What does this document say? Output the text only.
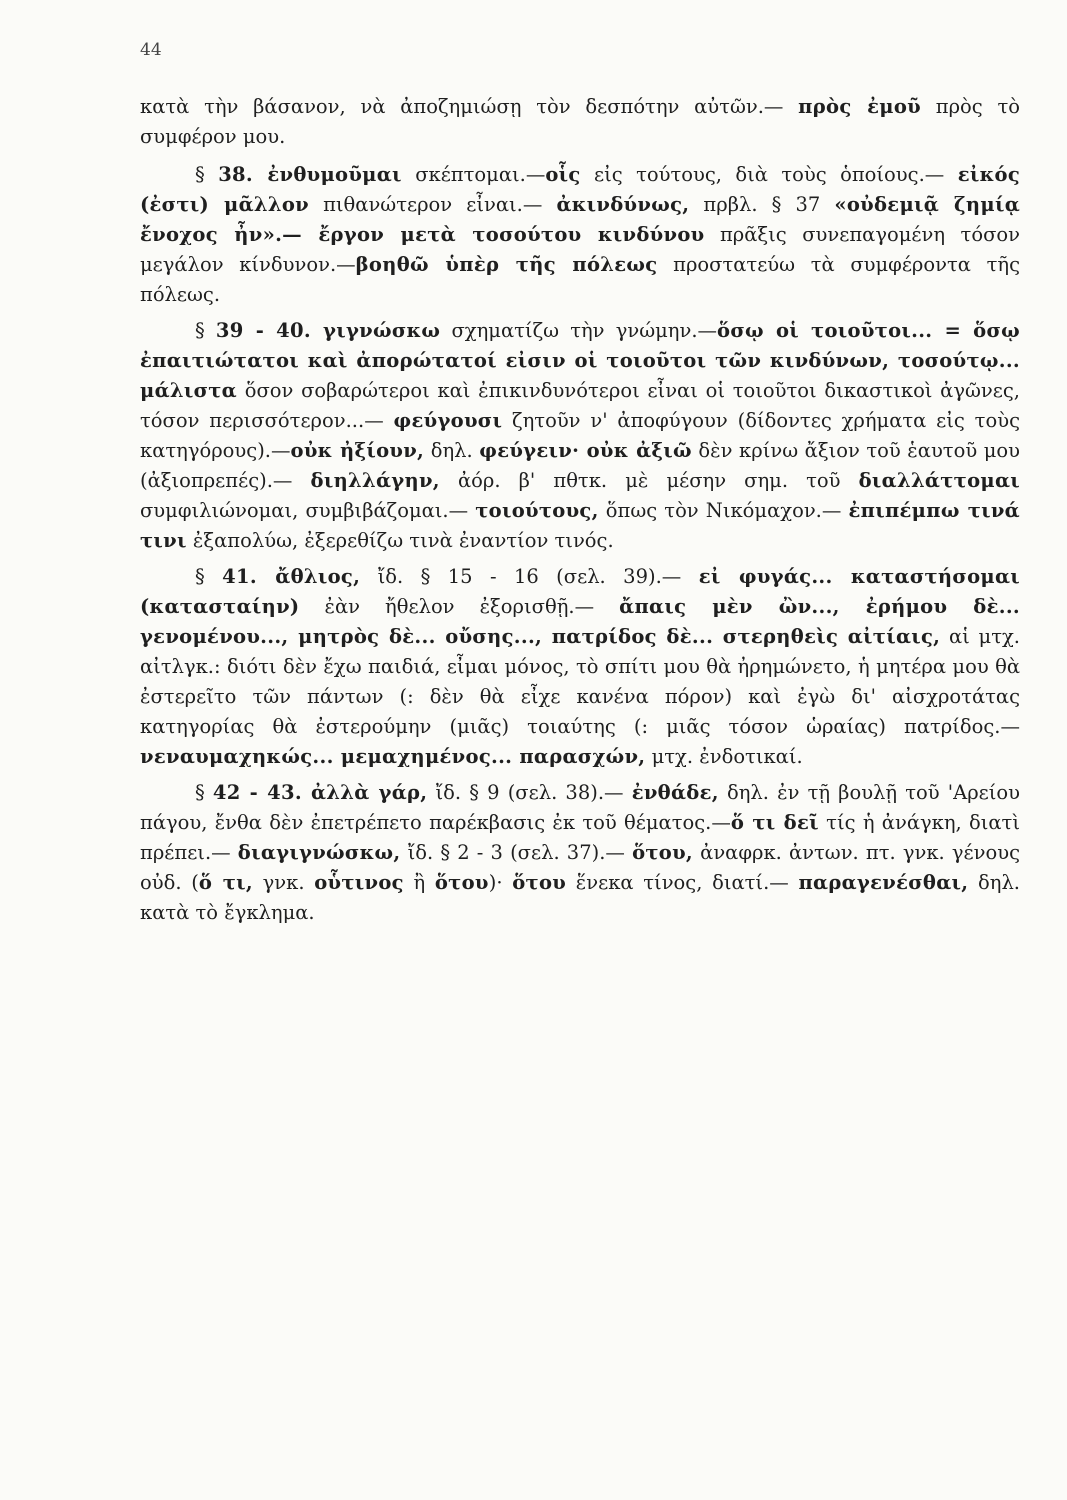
44

κατὰ τὴν βάσανον, νὰ ἀποζημιώσῃ τὸν δεσπότην αὐτῶν.— πρὸς ἐμοῦ πρὸς τὸ συμφέρον μου.

§ 38. ἐνθυμοῦμαι σκέπτομαι.—οἷς εἰς τούτους, διὰ τοὺς ὁποίους.— εἰκός (ἐστι) μᾶλλον πιθανώτερον εἶναι.— ἀκινδύνως, πρβλ. § 37 «οὐδεμιᾷ ζημίᾳ ἔνοχος ἦν».— ἔργον μετὰ τοσούτου κινδύνου πρᾶξις συνεπαγομένη τόσον μεγάλον κίνδυνον.—βοηθῶ ὑπὲρ τῆς πόλεως προστατεύω τὰ συμφέροντα τῆς πόλεως.

§ 39 - 40. γιγνώσκω σχηματίζω τὴν γνώμην.—ὅσῳ οἱ τοιοῦτοι... = ὅσῳ ἐπαιτιώτατοι καὶ ἀπορώτατοί εἰσιν οἱ τοιοῦτοι τῶν κινδύνων, τοσούτῳ... μάλιστα ὅσον σοβαρώτεροι καὶ ἐπικινδυνότεροι εἶναι οἱ τοιοῦτοι δικαστικοὶ ἀγῶνες, τόσον περισσότερον...— φεύγουσι ζητοῦν ν' ἀποφύγουν (δίδοντες χρήματα εἰς τοὺς κατηγόρους).—οὐκ ἠξίουν, δηλ. φεύγειν· οὐκ ἀξιῶ δὲν κρίνω ἄξιον τοῦ ἑαυτοῦ μου (ἀξιοπρεπές).— διηλλάγην, ἀόρ. β' πθτκ. μὲ μέσην σημ. τοῦ διαλλάττομαι συμφιλιώνομαι, συμβιβάζομαι.— τοιούτους, ὅπως τὸν Νικόμαχον.— ἐπιπέμπω τινά τινι ἐξαπολύω, ἐξερεθίζω τινὰ ἐναντίον τινός.

§ 41. ἄθλιος, ἴδ. § 15 - 16 (σελ. 39).— εἰ φυγάς... καταστήσομαι (κατασταίην) ἐὰν ἤθελον ἐξορισθῇ.— ἄπαις μὲν ὢν..., ἐρήμου δὲ... γενομένου..., μητρὸς δὲ... οὔσης..., πατρίδος δὲ... στερηθεὶς αἰτίαις, αἱ μτχ. αἰτλγκ.: διότι δὲν ἔχω παιδιά, εἶμαι μόνος, τὸ σπίτι μου θὰ ἠρημώνετο, ἡ μητέρα μου θὰ ἐστερεῖτο τῶν πάντων (: δὲν θὰ εἶχε κανένα πόρον) καὶ ἐγὼ δι' αἰσχροτάτας κατηγορίας θὰ ἐστερούμην (μιᾶς) τοιαύτης (: μιᾶς τόσον ὡραίας) πατρίδος.— νεναυμαχηκώς... μεμαχημένος... παρασχών, μτχ. ἐνδοτικαί.

§ 42 - 43. ἀλλὰ γάρ, ἴδ. § 9 (σελ. 38).— ἐνθάδε, δηλ. ἐν τῇ βουλῇ τοῦ 'Αρείου πάγου, ἔνθα δὲν ἐπετρέπετο παρέκβασις ἐκ τοῦ θέματος.—ὅ τι δεῖ τίς ἡ ἀνάγκη, διατὶ πρέπει.— διαγιγνώσκω, ἴδ. § 2 - 3 (σελ. 37).— ὅτου, ἀναφρκ. ἀντων. πτ. γνκ. γένους οὐδ. (ὅ τι, γνκ. οὗτινος ἢ ὅτου)· ὅτου ἕνεκα τίνος, διατί.— παραγενέσθαι, δηλ. κατὰ τὸ ἔγκλημα.
